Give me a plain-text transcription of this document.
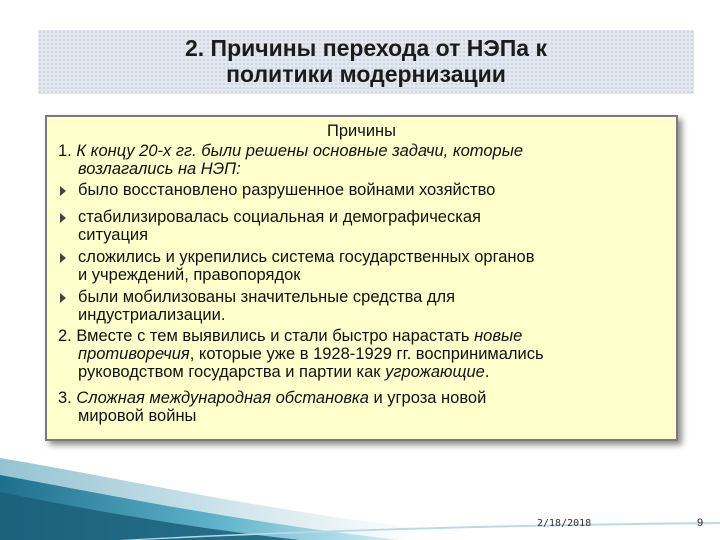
2. Причины перехода от НЭПа к
политики модернизации
Причины
1. К концу 20-х гг. были решены основные задачи, которые
возлагались на НЭП:
было восстановлено разрушенное войнами хозяйство
стабилизировалась социальная и демографическая
ситуация
сложились и укрепились система государственных органов
и учреждений, правопорядок
были мобилизованы значительные средства для
индустриализации.
2. Вместе с тем выявились и стали быстро нарастать новые
противоречия, которые уже в 1928-1929 гг. воспринимались
руководством государства и партии как угрожающие.
3. Сложная международная обстановка и угроза новой
мировой войны
2/18/2018	9
